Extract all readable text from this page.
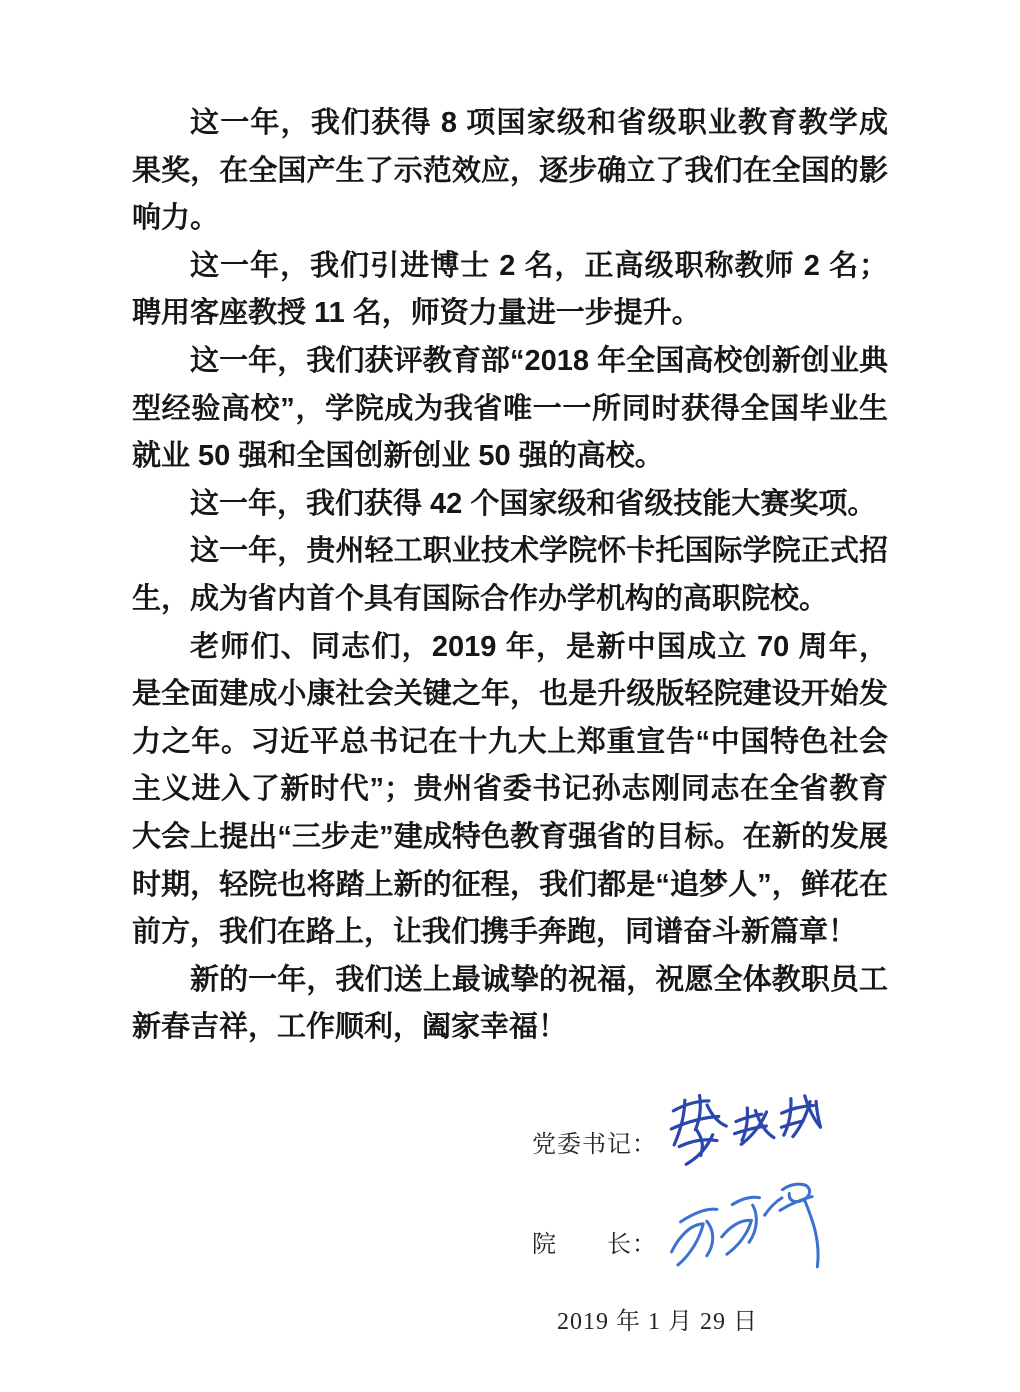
这一年，我们获得 8 项国家级和省级职业教育教学成果奖，在全国产生了示范效应，逐步确立了我们在全国的影响力。

这一年，我们引进博士 2 名，正高级职称教师 2 名；聘用客座教授 11 名，师资力量进一步提升。

这一年，我们获评教育部“2018 年全国高校创新创业典型经验高校”，学院成为我省唯一一所同时获得全国毕业生就业 50 强和全国创新创业 50 强的高校。

这一年，我们获得 42 个国家级和省级技能大赛奖项。

这一年，贵州轻工职业技术学院怀卡托国际学院正式招生，成为省内首个具有国际合作办学机构的高职院校。

老师们、同志们，2019 年，是新中国成立 70 周年，是全面建成小康社会关键之年，也是升级版轻院建设开始发力之年。习近平总书记在十九大上郑重宣告“中国特色社会主义进入了新时代”；贵州省委书记孙志刚同志在全省教育大会上提出“三步走”建成特色教育强省的目标。在新的发展时期，轻院也将踏上新的征程，我们都是“追梦人”，鲜花在前方，我们在路上，让我们携手奔跑，同谱奋斗新篇章！

新的一年，我们送上最诚挚的祝福，祝愿全体教职员工新春吉祥，工作顺利，阖家幸福！

党委书记：
院　　长：
2019 年 1 月 29 日
